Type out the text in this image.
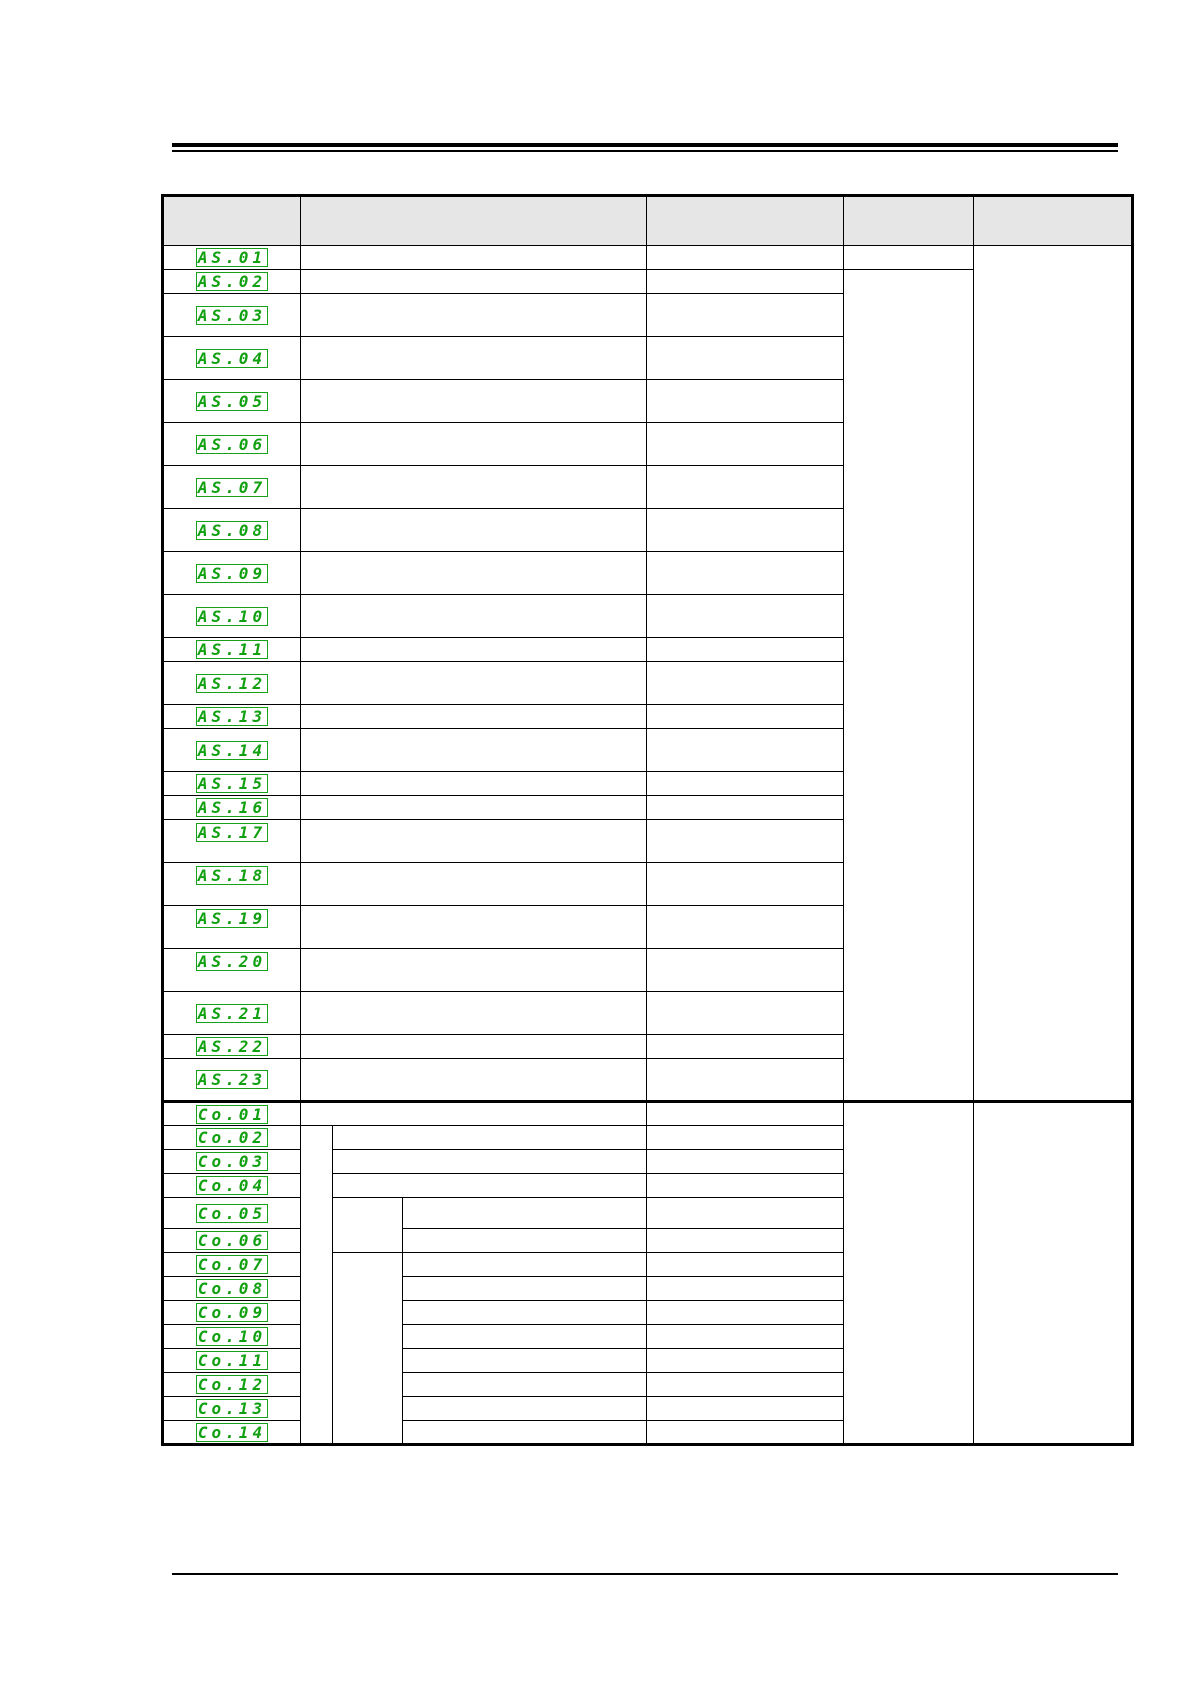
AS.01						
AS.02						
AS.03						
AS.04						
AS.05						
AS.06						
AS.07						
AS.08						
AS.09						
AS.10						
AS.11						
AS.12						
AS.13						
AS.14						
AS.15						
AS.16						
AS.17						
AS.18						
AS.19						
AS.20						
AS.21						
AS.22						
AS.23						
Co.01						
Co.02						
Co.03						
Co.04						
Co.05						
Co.06						
Co.07						
Co.08						
Co.09						
Co.10						
Co.11						
Co.12						
Co.13						
Co.14						
